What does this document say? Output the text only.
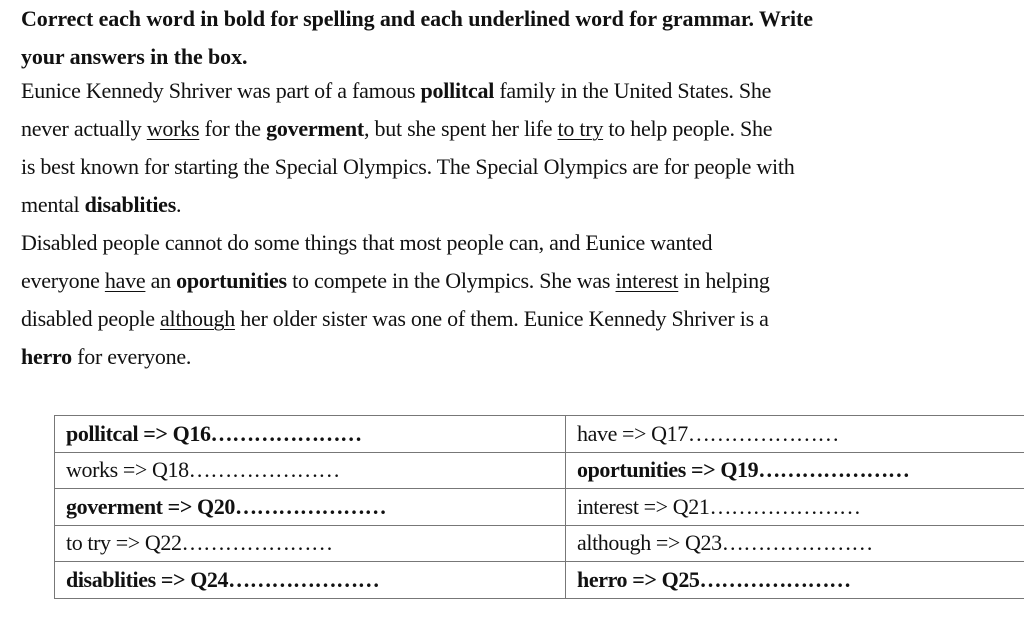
Correct each word in bold for spelling and each underlined word for grammar. Write
your answers in the box.

Eunice Kennedy Shriver was part of a famous pollitcal family in the United States. She

never actually works for the goverment, but she spent her life to try to help people. She

is best known for starting the Special Olympics. The Special Olympics are for people with

mental disablities.

Disabled people cannot do some things that most people can, and Eunice wanted

everyone have an oportunities to compete in the Olympics. She was interest in helping

disabled people although her older sister was one of them. Eunice Kennedy Shriver is a

herro for everyone.

pollitcal => Q16…………………	have => Q17…………………
works => Q18…………………	oportunities => Q19…………………
goverment => Q20…………………	interest => Q21…………………
to try => Q22…………………	although => Q23…………………
disablities => Q24…………………	herro => Q25…………………
